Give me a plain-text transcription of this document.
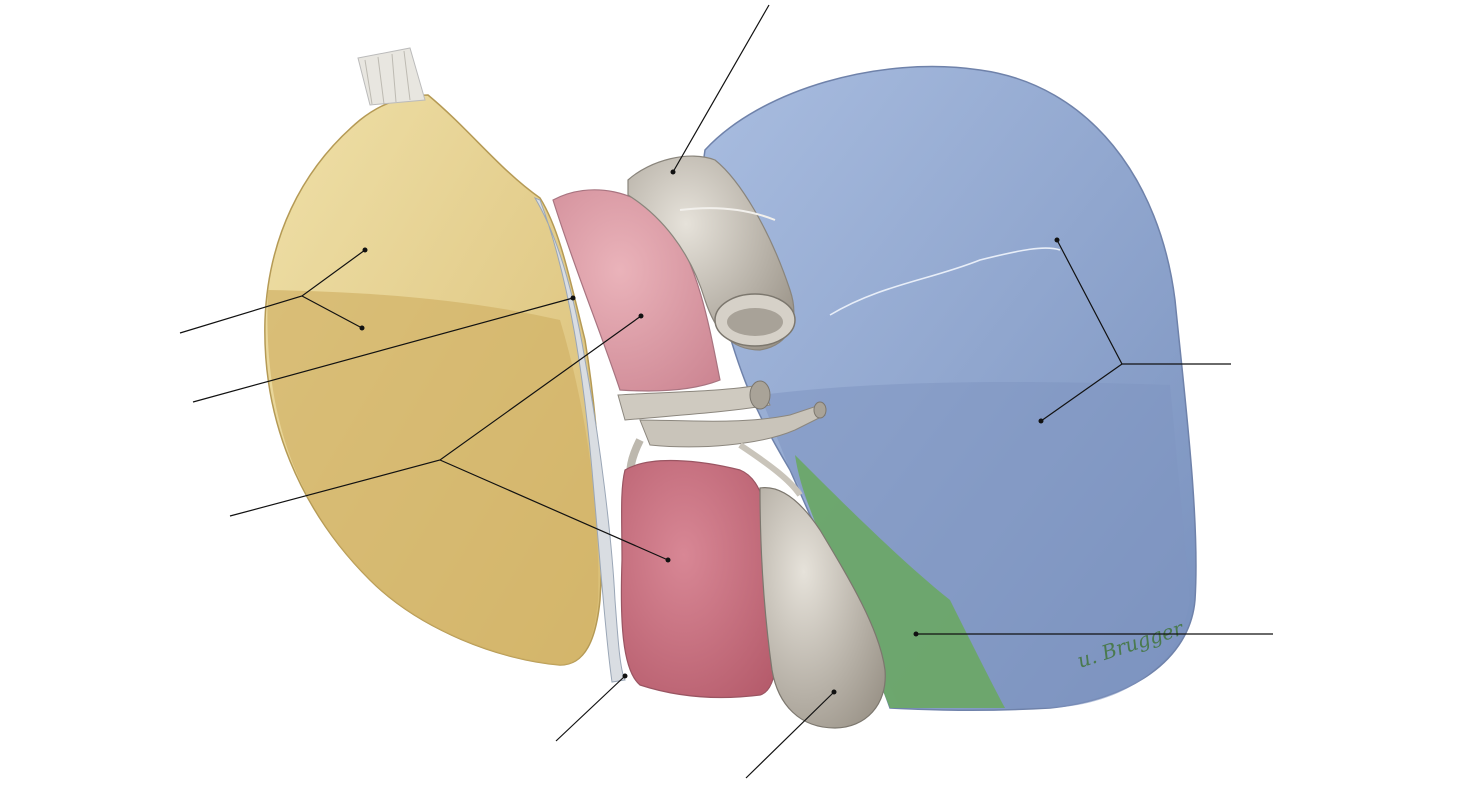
u. Brugger
